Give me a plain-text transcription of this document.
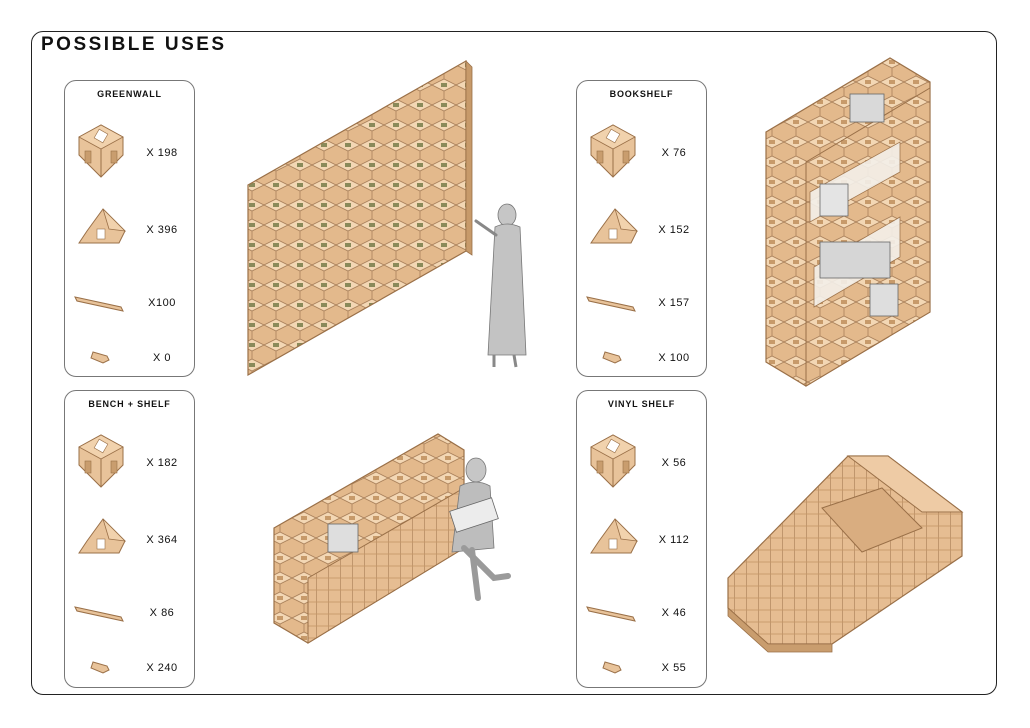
POSSIBLE USES
GREENWALL
X 198
X 396
X100
X 0
BOOKSHELF
X 76
X 152
X 157
X 100
BENCH + SHELF
X 182
X 364
X 86
X 240
VINYL SHELF
X 56
X 112
X 46
X 55
